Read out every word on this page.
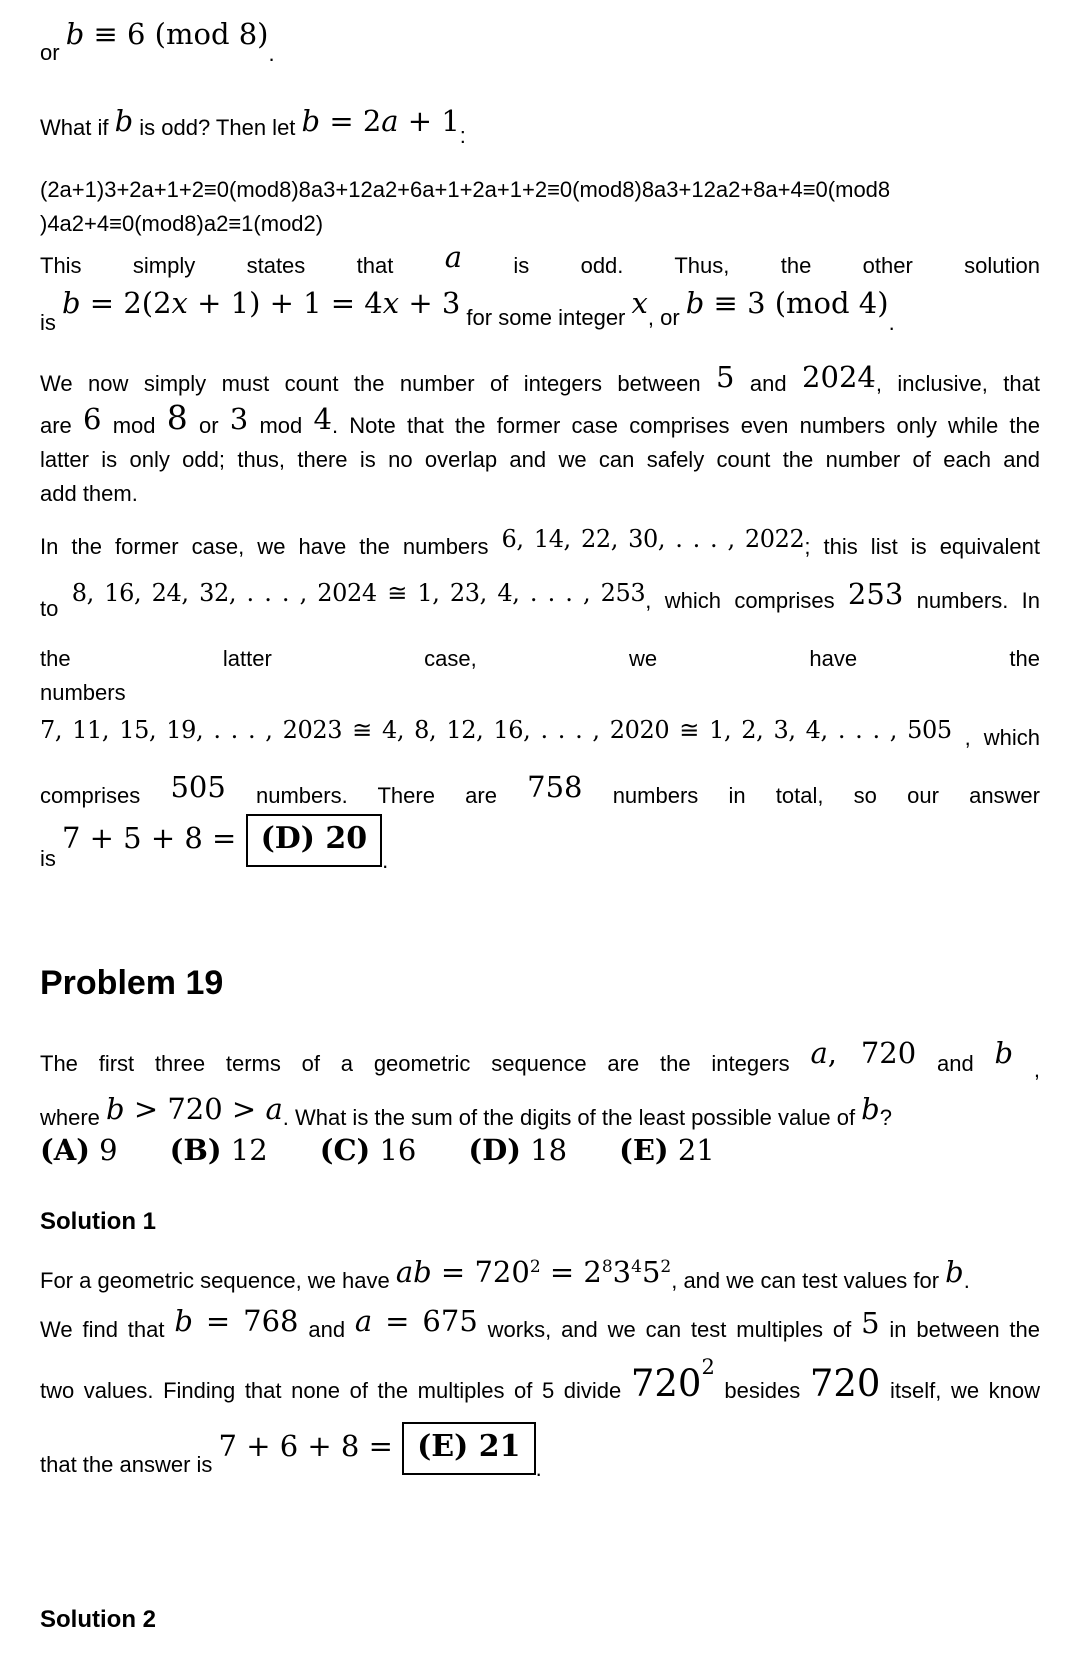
or b ≡ 6 (mod 8).
What if b is odd? Then let b = 2a + 1:
(2a+1)3+2a+1+2≡0(mod8)8a3+12a2+6a+1+2a+1+2≡0(mod8)8a3+12a2+8a+4≡0(mod8
)4a2+4≡0(mod8)a2≡1(mod2)
This simply states that a is odd. Thus, the other solution
is b = 2(2x + 1) + 1 = 4x + 3 for some integer x, or b ≡ 3 (mod 4).
We now simply must count the number of integers between 5 and 2024, inclusive, that
are 6 mod 8 or 3 mod 4. Note that the former case comprises even numbers only while the
latter is only odd; thus, there is no overlap and we can safely count the number of each and
add them.
In the former case, we have the numbers 6, 14, 22, 30, . . . , 2022; this list is equivalent
to 8, 16, 24, 32, . . . , 2024 ≅ 1, 23, 4, . . . , 253, which comprises 253 numbers. In
the latter case, we have the
numbers
7, 11, 15, 19, . . . , 2023 ≅ 4, 8, 12, 16, . . . , 2020 ≅ 1, 2, 3, 4, . . . , 505 , which
comprises 505 numbers. There are 758 numbers in total, so our answer
is 7 + 5 + 8 = (D) 20.
Problem 19
The first three terms of a geometric sequence are the integers a, 720 and b ,
where b > 720 > a. What is the sum of the digits of the least possible value of b?
(A) 9 (B) 12 (C) 16 (D) 18 (E) 21
Solution 1
For a geometric sequence, we have ab = $720^2 = 2^83^45^2$, and we can test values for b.
We find that b = 768 and a = 675 works, and we can test multiples of 5 in between the
two values. Finding that none of the multiples of 5 divide 7202 besides 720 itself, we know
that the answer is 7 + 6 + 8 = (E) 21.
Solution 2
